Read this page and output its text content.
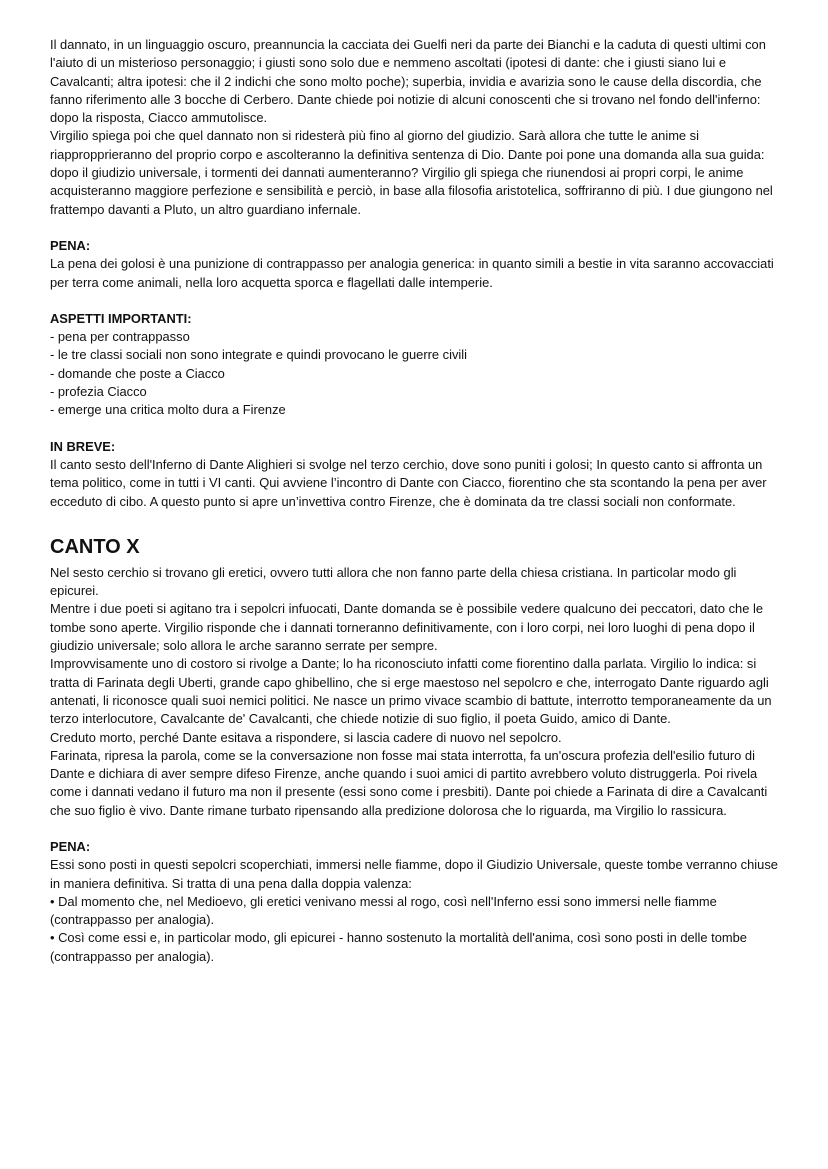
Il dannato, in un linguaggio oscuro, preannuncia la cacciata dei Guelfi neri da parte dei Bianchi e la caduta di questi ultimi con l'aiuto di un misterioso personaggio; i giusti sono solo due e nemmeno ascoltati (ipotesi di dante: che i giusti siano lui e Cavalcanti; altra ipotesi: che il 2 indichi che sono molto poche); superbia, invidia e avarizia sono le cause della discordia, che fanno riferimento alle 3 bocche di Cerbero. Dante chiede poi notizie di alcuni conoscenti che si trovano nel fondo dell'inferno: dopo la risposta, Ciacco ammutolisce.

Virgilio spiega poi che quel dannato non si ridesterà più fino al giorno del giudizio. Sarà allora che tutte le anime si riappropprieranno del proprio corpo e ascolteranno la definitiva sentenza di Dio. Dante poi pone una domanda alla sua guida: dopo il giudizio universale, i tormenti dei dannati aumenteranno? Virgilio gli spiega che riunendosi ai propri corpi, le anime acquisteranno maggiore perfezione e sensibilità e perciò, in base alla filosofia aristotelica, soffriranno di più. I due giungono nel frattempo davanti a Pluto, un altro guardiano infernale.

PENA:

La pena dei golosi è una punizione di contrappasso per analogia generica: in quanto simili a bestie in vita saranno accovacciati per terra come animali, nella loro acquetta sporca e flagellati dalle intemperie.

ASPETTI IMPORTANTI:

- pena per contrappasso

- le tre classi sociali non sono integrate e quindi provocano le guerre civili

- domande che poste a Ciacco

- profezia Ciacco

- emerge una critica molto dura a Firenze

IN BREVE:

Il canto sesto dell'Inferno di Dante Alighieri si svolge nel terzo cerchio, dove sono puniti i golosi; In questo canto si affronta un tema politico, come in tutti i VI canti. Qui avviene l’incontro di Dante con Ciacco, fiorentino che sta scontando la pena per aver ecceduto di cibo. A questo punto si apre un’invettiva contro Firenze, che è dominata da tre classi sociali non conformate.

CANTO X

Nel sesto cerchio si trovano gli eretici, ovvero tutti allora che non fanno parte della chiesa cristiana. In particolar modo gli epicurei.

Mentre i due poeti si agitano tra i sepolcri infuocati, Dante domanda se è possibile vedere qualcuno dei peccatori, dato che le tombe sono aperte. Virgilio risponde che i dannati torneranno definitivamente, con i loro corpi, nei loro luoghi di pena dopo il giudizio universale; solo allora le arche saranno serrate per sempre.

Improvvisamente uno di costoro si rivolge a Dante; lo ha riconosciuto infatti come fiorentino dalla parlata. Virgilio lo indica: si tratta di Farinata degli Uberti, grande capo ghibellino, che si erge maestoso nel sepolcro e che, interrogato Dante riguardo agli antenati, li riconosce quali suoi nemici politici. Ne nasce un primo vivace scambio di battute, interrotto temporaneamente da un terzo interlocutore, Cavalcante de' Cavalcanti, che chiede notizie di suo figlio, il poeta Guido, amico di Dante.

Creduto morto, perché Dante esitava a rispondere, si lascia cadere di nuovo nel sepolcro.

Farinata, ripresa la parola, come se la conversazione non fosse mai stata interrotta, fa un'oscura profezia dell'esilio futuro di Dante e dichiara di aver sempre difeso Firenze, anche quando i suoi amici di partito avrebbero voluto distruggerla. Poi rivela come i dannati vedano il futuro ma non il presente (essi sono come i presbiti). Dante poi chiede a Farinata di dire a Cavalcanti che suo figlio è vivo. Dante rimane turbato ripensando alla predizione dolorosa che lo riguarda, ma Virgilio lo rassicura.

PENA:

Essi sono posti in questi sepolcri scoperchiati, immersi nelle fiamme, dopo il Giudizio Universale, queste tombe verranno chiuse in maniera definitiva. Si tratta di una pena dalla doppia valenza:

• Dal momento che, nel Medioevo, gli eretici venivano messi al rogo, così nell'Inferno essi sono immersi nelle fiamme (contrappasso per analogia).

• Così come essi e, in particolar modo, gli epicurei - hanno sostenuto la mortalità dell'anima, così sono posti in delle tombe (contrappasso per analogia).
